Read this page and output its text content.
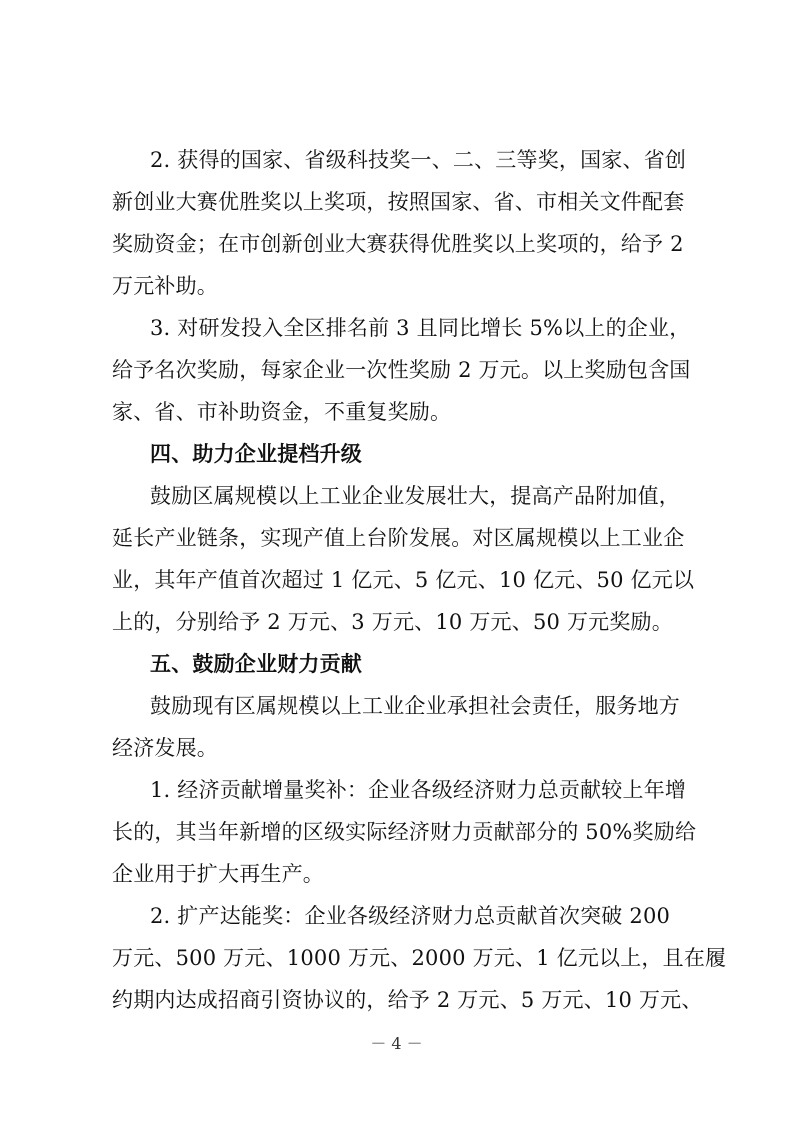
2. 获得的国家、省级科技奖一、二、三等奖，国家、省创
新创业大赛优胜奖以上奖项，按照国家、省、市相关文件配套
奖励资金；在市创新创业大赛获得优胜奖以上奖项的，给予 2
万元补助。
3. 对研发投入全区排名前 3 且同比增长 5%以上的企业，
给予名次奖励，每家企业一次性奖励 2 万元。以上奖励包含国
家、省、市补助资金，不重复奖励。
四、助力企业提档升级
鼓励区属规模以上工业企业发展壮大，提高产品附加值，
延长产业链条，实现产值上台阶发展。对区属规模以上工业企
业，其年产值首次超过 1 亿元、5 亿元、10 亿元、50 亿元以
上的，分别给予 2 万元、3 万元、10 万元、50 万元奖励。
五、鼓励企业财力贡献
鼓励现有区属规模以上工业企业承担社会责任，服务地方
经济发展。
1. 经济贡献增量奖补：企业各级经济财力总贡献较上年增
长的，其当年新增的区级实际经济财力贡献部分的 50%奖励给
企业用于扩大再生产。
2. 扩产达能奖：企业各级经济财力总贡献首次突破 200
万元、500 万元、1000 万元、2000 万元、1 亿元以上，且在履
约期内达成招商引资协议的，给予 2 万元、5 万元、10 万元、
－ 4 －
